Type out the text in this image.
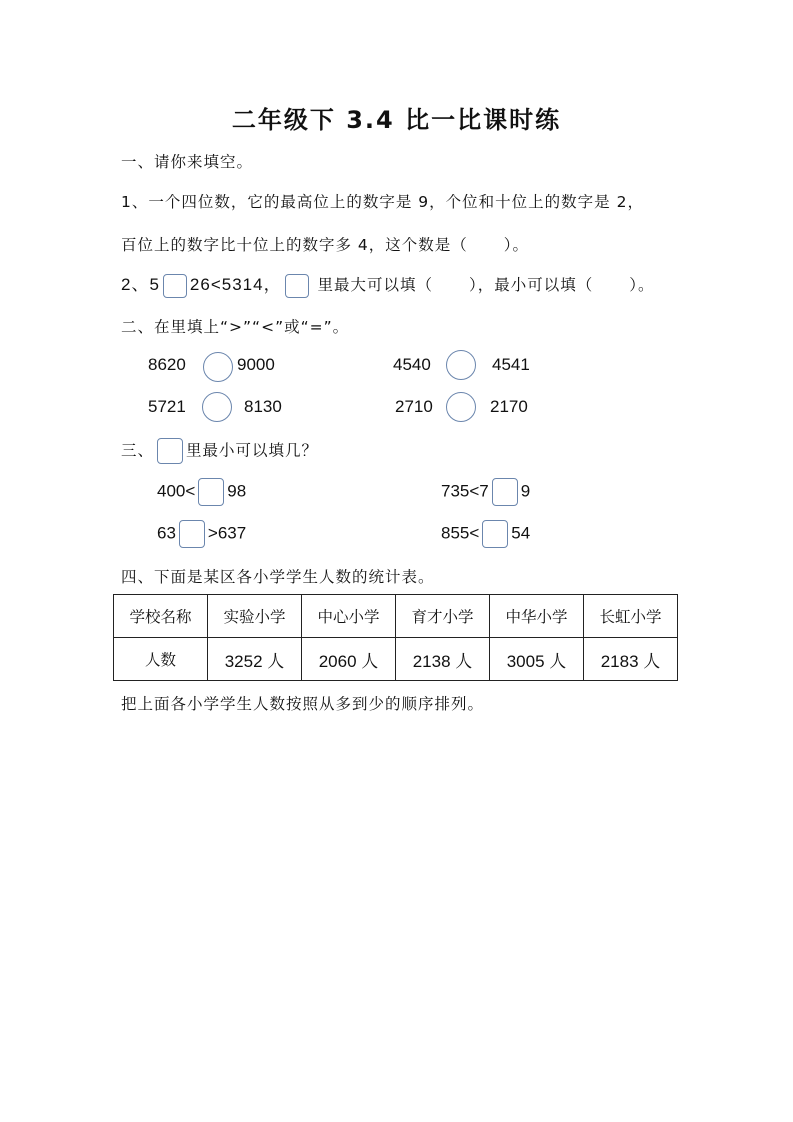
二年级下 3.4 比一比课时练
一、请你来填空。
1、一个四位数，它的最高位上的数字是 9，个位和十位上的数字是 2，
百位上的数字比十位上的数字多 4，这个数是（ ）。
2、5 26<5314， 里最大可以填（ ），最小可以填（ ）。
二、在里填上“>”“<”或“=”。
8620	9000	4540	4541
5721	8130	2710	2170
三、 里最小可以填几？
400< 98	735<7 9
63 >637	855< 54
四、下面是某区各小学学生人数的统计表。
学校名称	实验小学	中心小学	育才小学	中华小学	长虹小学
人数	3252 人	2060 人	2138 人	3005 人	2183 人
把上面各小学学生人数按照从多到少的顺序排列。
